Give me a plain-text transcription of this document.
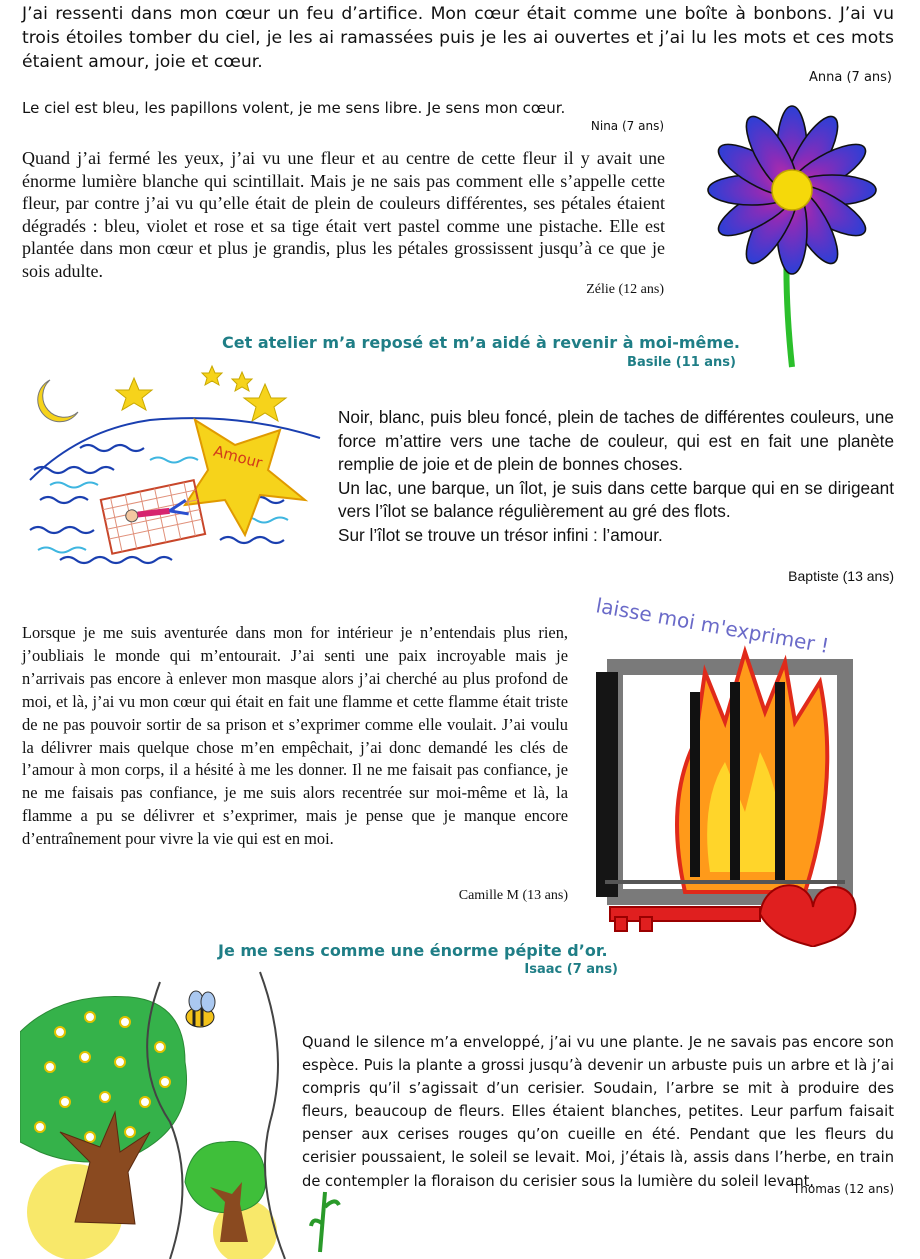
J’ai ressenti dans mon cœur un feu d’artifice. Mon cœur était comme une boîte à bonbons. J’ai vu trois étoiles tomber du ciel, je les ai ramassées puis je les ai ouvertes et j’ai lu les mots et ces mots étaient amour, joie et cœur.

Anna (7 ans)

Le ciel est bleu, les papillons volent, je me sens libre. Je sens mon cœur.

Nina (7 ans)

Quand j’ai fermé les yeux, j’ai vu une fleur et au centre de cette fleur il y avait une énorme lumière blanche qui scintillait. Mais je ne sais pas comment elle s’appelle cette fleur, par contre j’ai vu qu’elle était de plein de couleurs différentes, ses pétales étaient dégradés : bleu, violet et rose et sa tige était vert pastel comme une pistache. Elle est plantée dans mon cœur et plus je grandis, plus les pétales grossissent jusqu’à ce que je sois adulte.

Zélie (12 ans)
Cet atelier m’a reposé et m’a aidé à revenir à moi-même.
Basile (11 ans)
Amour

Noir, blanc, puis bleu foncé, plein de taches de différentes couleurs, une force m’attire vers une tache de couleur, qui est en fait une planète remplie de joie et de plein de bonnes choses.

Un lac, une barque, un îlot, je suis dans cette barque qui en se dirigeant vers l’îlot se balance régulièrement au gré des flots.

Sur l’îlot se trouve un trésor infini : l’amour.

Baptiste (13 ans)

Lorsque je me suis aventurée dans mon for intérieur je n’entendais plus rien, j’oubliais le monde qui m’entourait. J’ai senti une paix incroyable mais je n’arrivais pas encore à enlever mon masque alors j’ai cherché au plus profond de moi, et là, j’ai vu mon cœur qui était en fait une flamme et cette flamme était triste de ne pas pouvoir sortir de sa prison et s’exprimer comme elle voulait. J’ai voulu la délivrer mais quelque chose m’en empêchait, j’ai donc demandé les clés de l’amour à mon corps, il a hésité à me les donner. Il ne me faisait pas confiance, je ne me faisais pas confiance, je me suis alors recentrée sur moi-même et là, la flamme a pu se délivrer et s’exprimer, mais je pense que je manque encore d’entraînement pour vivre la vie qui est en moi.

Camille M (13 ans)
laisse moi m'exprimer !
Je me sens comme une énorme pépite d’or.
Isaac (7 ans)

Quand le silence m’a enveloppé, j’ai vu une plante. Je ne savais pas encore son espèce. Puis la plante a grossi jusqu’à devenir un arbuste puis un arbre et là j’ai compris qu’il s’agissait d’un cerisier. Soudain, l’arbre se mit à produire des fleurs, beaucoup de fleurs. Elles étaient blanches, petites. Leur parfum faisait penser aux cerises rouges qu’on cueille en été. Pendant que les fleurs du cerisier poussaient, le soleil se levait. Moi, j’étais là, assis dans l’herbe, en train de contempler la floraison du cerisier sous la lumière du soleil levant.

Thomas (12 ans)
